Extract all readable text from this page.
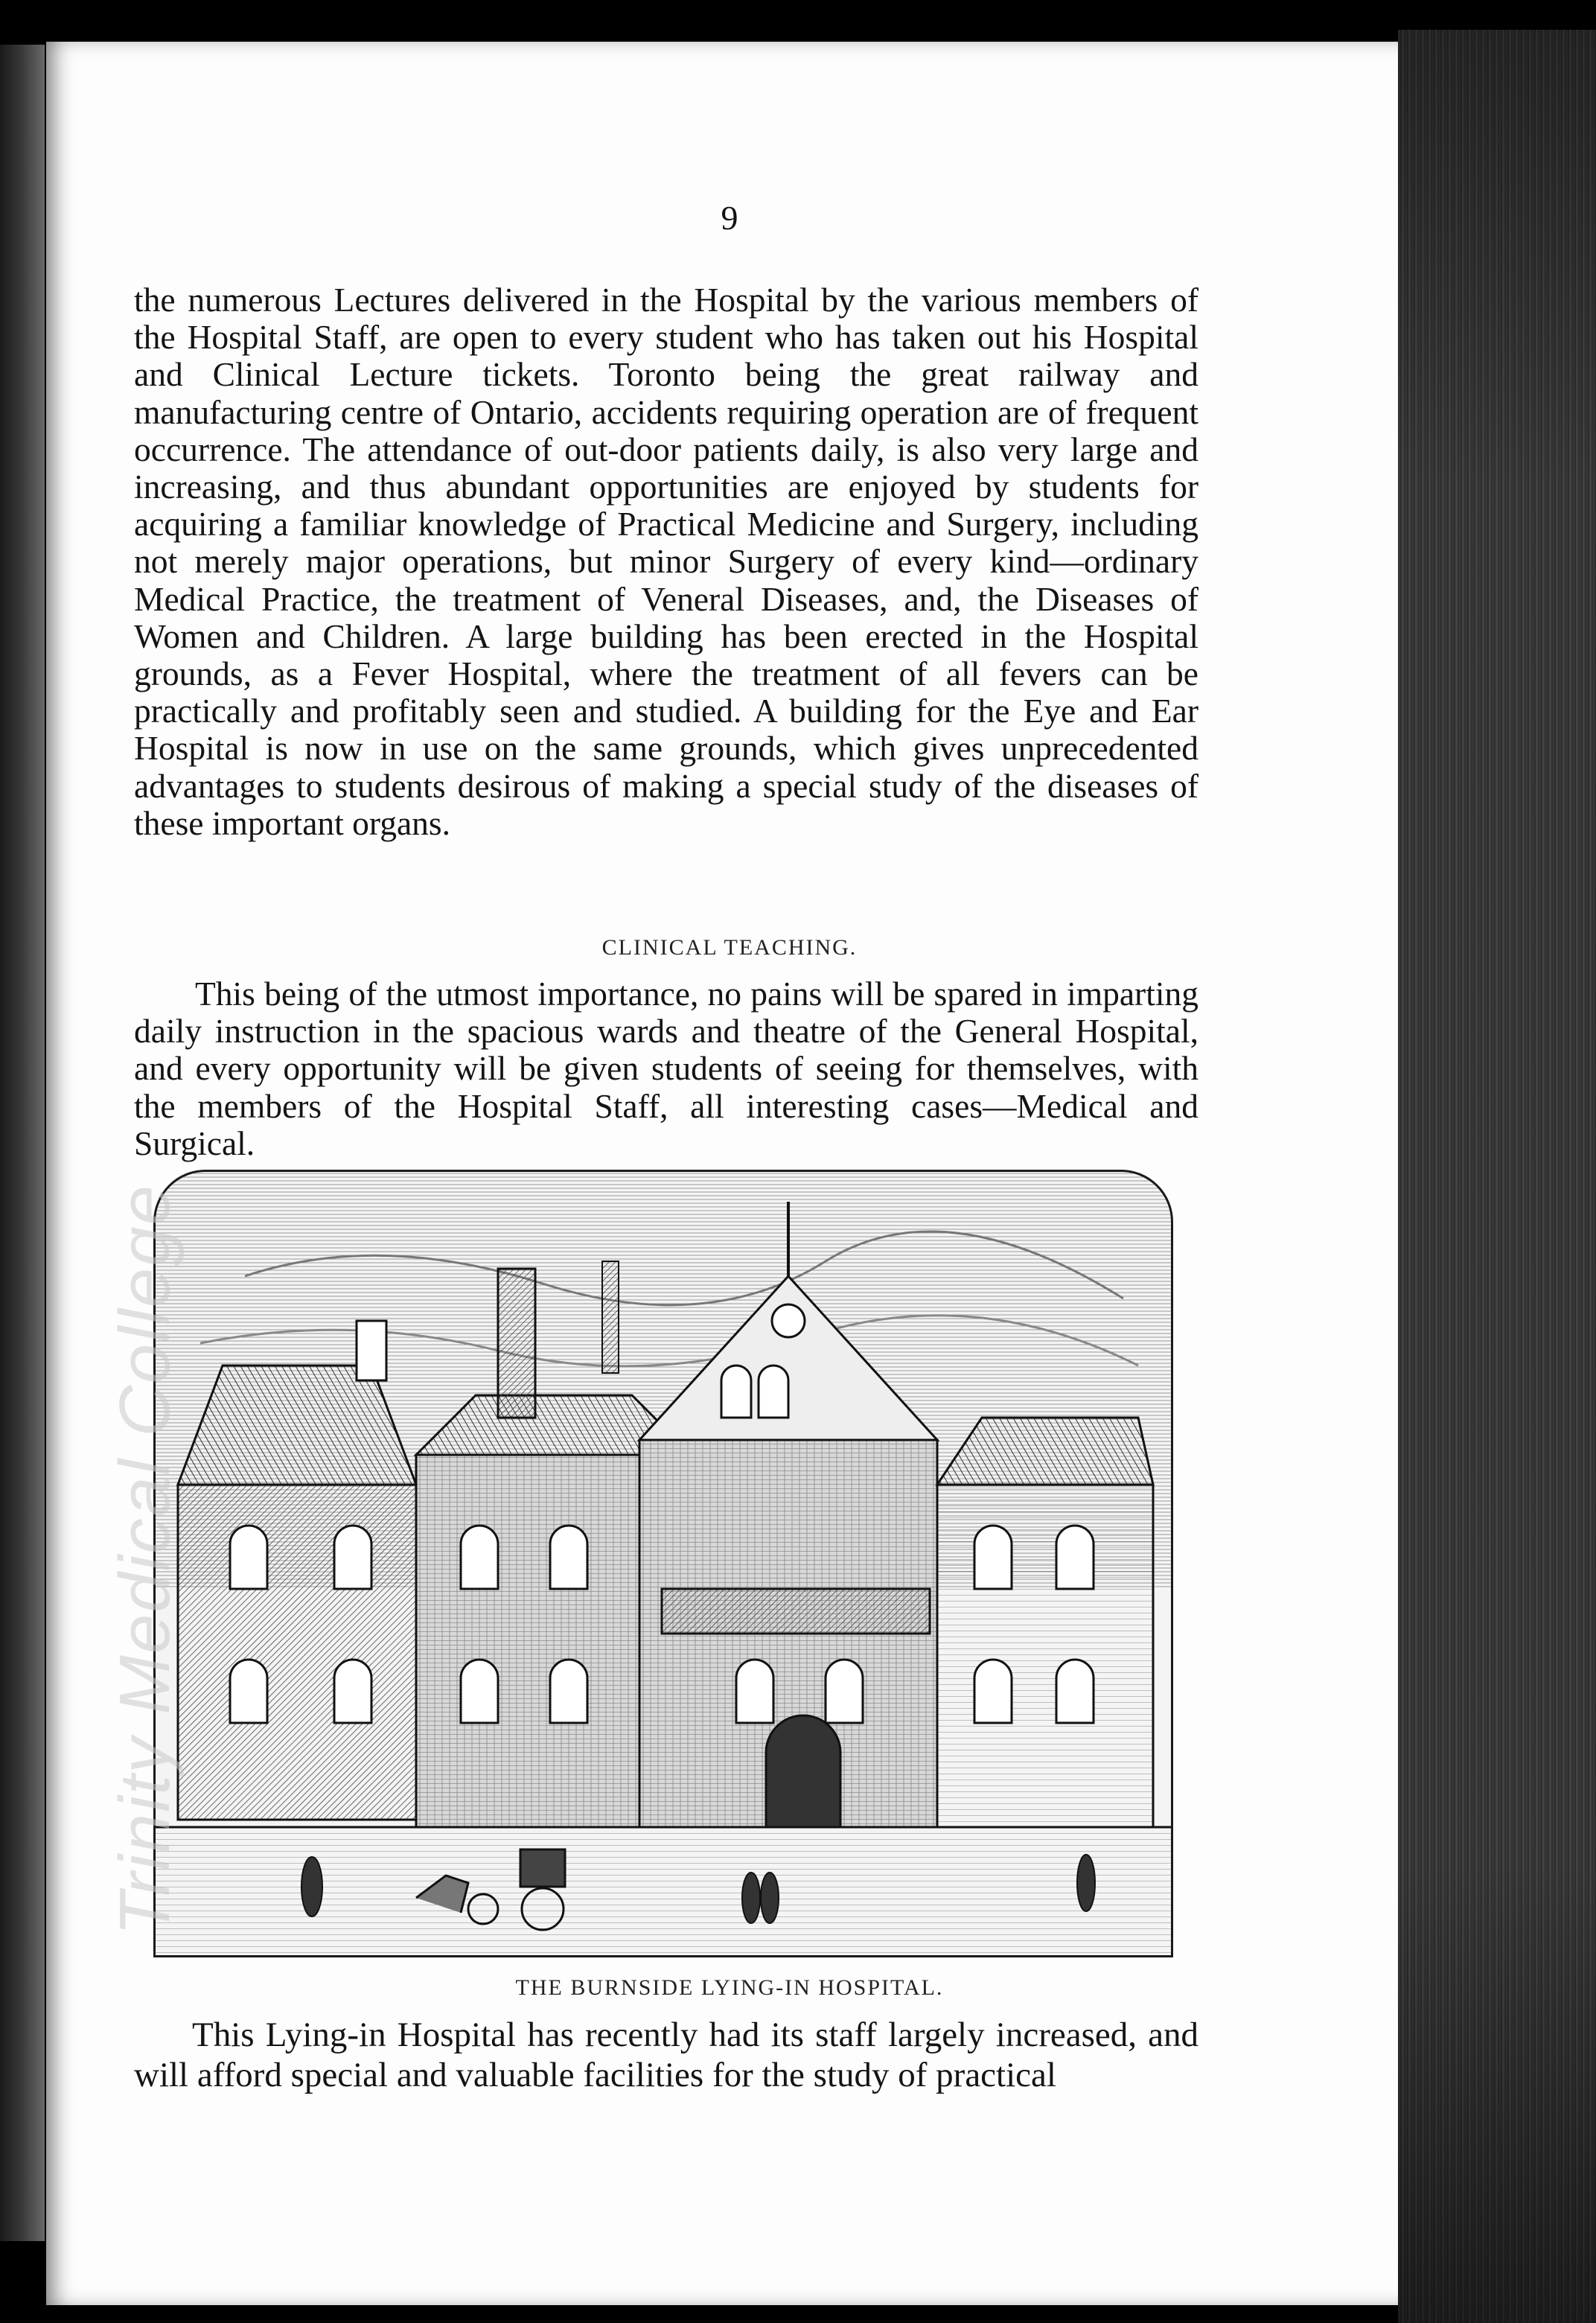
9
the numerous Lectures delivered in the Hospital by the various members of the Hospital Staff, are open to every student who has taken out his Hospital and Clinical Lecture tickets. Toronto being the great railway and manufacturing centre of Ontario, accidents requiring operation are of frequent occurrence. The attendance of out-door patients daily, is also very large and increasing, and thus abundant opportunities are enjoyed by students for acquiring a familiar knowledge of Practical Medicine and Surgery, including not merely major operations, but minor Surgery of every kind—ordinary Medical Practice, the treatment of Veneral Diseases, and, the Diseases of Women and Children. A large building has been erected in the Hospital grounds, as a Fever Hospital, where the treatment of all fevers can be practically and profitably seen and studied. A building for the Eye and Ear Hospital is now in use on the same grounds, which gives unprecedented advantages to students desirous of making a special study of the diseases of these important organs.
CLINICAL TEACHING.
This being of the utmost importance, no pains will be spared in imparting daily instruction in the spacious wards and theatre of the General Hospital, and every opportunity will be given students of seeing for themselves, with the members of the Hospital Staff, all interesting cases—Medical and Surgical.
THE BURNSIDE LYING-IN HOSPITAL.
This Lying-in Hospital has recently had its staff largely increased, and will afford special and valuable facilities for the study of practical
Trinity Medical College
